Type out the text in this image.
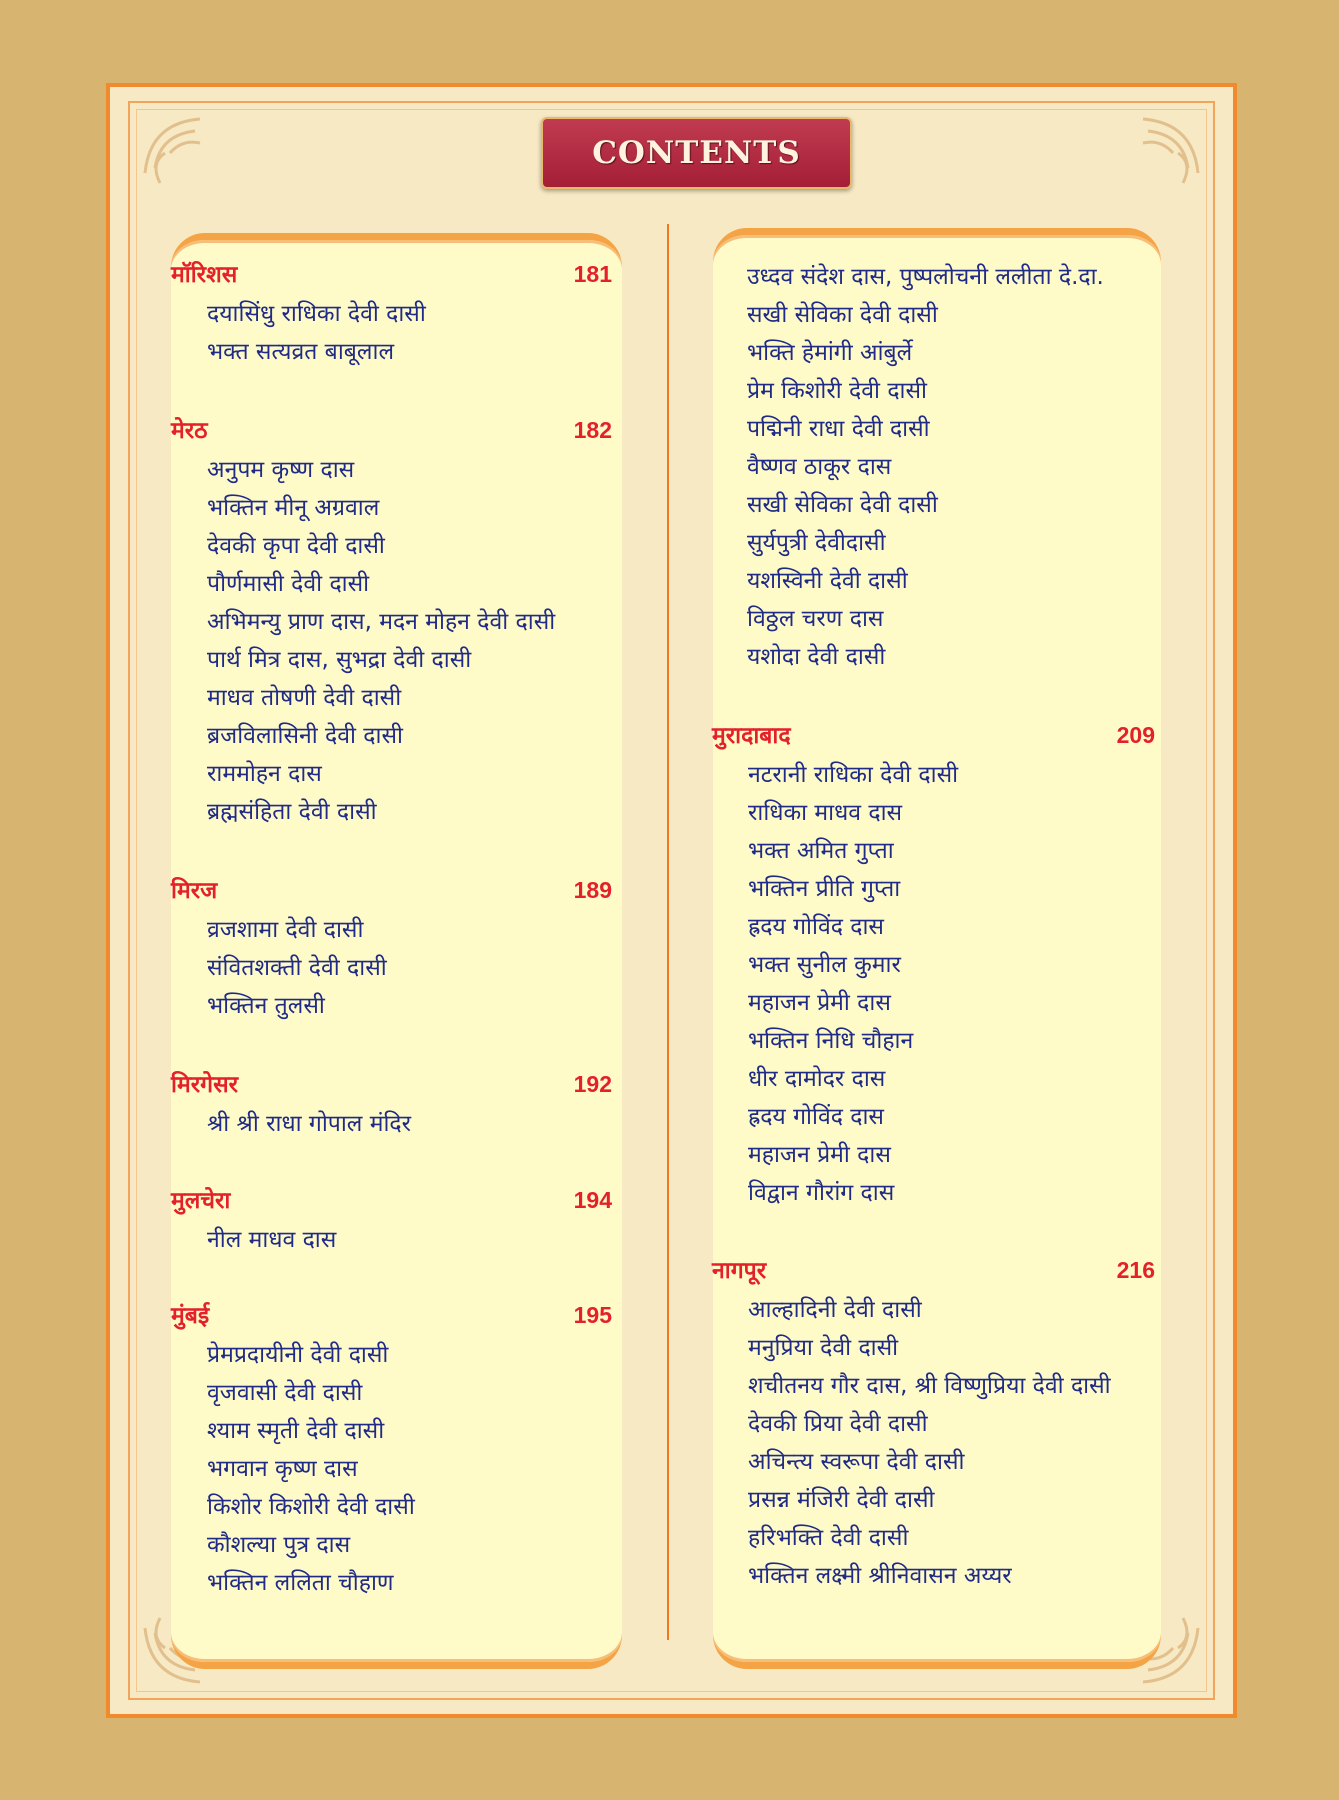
CONTENTS
मॉरिशस	181
दयासिंधु राधिका देवी दासी
भक्त सत्यव्रत बाबूलाल
मेरठ	182
अनुपम कृष्ण दास
भक्तिन मीनू अग्रवाल
देवकी कृपा देवी दासी
पौर्णमासी देवी दासी
अभिमन्यु प्राण दास, मदन मोहन देवी दासी
पार्थ मित्र दास, सुभद्रा देवी दासी
माधव तोषणी देवी दासी
ब्रजविलासिनी देवी दासी
राममोहन दास
ब्रह्मसंहिता देवी दासी
मिरज	189
व्रजशामा देवी दासी
संवितशक्ती देवी दासी
भक्तिन तुलसी
मिरगेसर	192
श्री श्री राधा गोपाल मंदिर
मुलचेरा	194
नील माधव दास
मुंबई	195
प्रेमप्रदायीनी देवी दासी
वृजवासी देवी दासी
श्याम स्मृती देवी दासी
भगवान कृष्ण दास
किशोर किशोरी देवी दासी
कौशल्या पुत्र दास
भक्तिन ललिता चौहाण
उध्दव संदेश दास, पुष्पलोचनी ललीता दे.दा.
सखी सेविका देवी दासी
भक्ति हेमांगी आंबुर्ले
प्रेम किशोरी देवी दासी
पद्मिनी राधा देवी दासी
वैष्णव ठाकूर दास
सखी सेविका देवी दासी
सुर्यपुत्री देवीदासी
यशस्विनी देवी दासी
विठ्ठल चरण दास
यशोदा देवी दासी
मुरादाबाद	209
नटरानी राधिका देवी दासी
राधिका माधव दास
भक्त अमित गुप्ता
भक्तिन प्रीति गुप्ता
ह्रदय गोविंद दास
भक्त सुनील कुमार
महाजन प्रेमी दास
भक्तिन निधि चौहान
धीर दामोदर दास
ह्रदय गोविंद दास
महाजन प्रेमी दास
विद्वान गौरांग दास
नागपूर	216
आल्हादिनी देवी दासी
मनुप्रिया देवी दासी
शचीतनय गौर दास, श्री विष्णुप्रिया देवी दासी
देवकी प्रिया देवी दासी
अचिन्त्य स्वरूपा देवी दासी
प्रसन्न मंजिरी देवी दासी
हरिभक्ति देवी दासी
भक्तिन लक्ष्मी श्रीनिवासन अय्यर
